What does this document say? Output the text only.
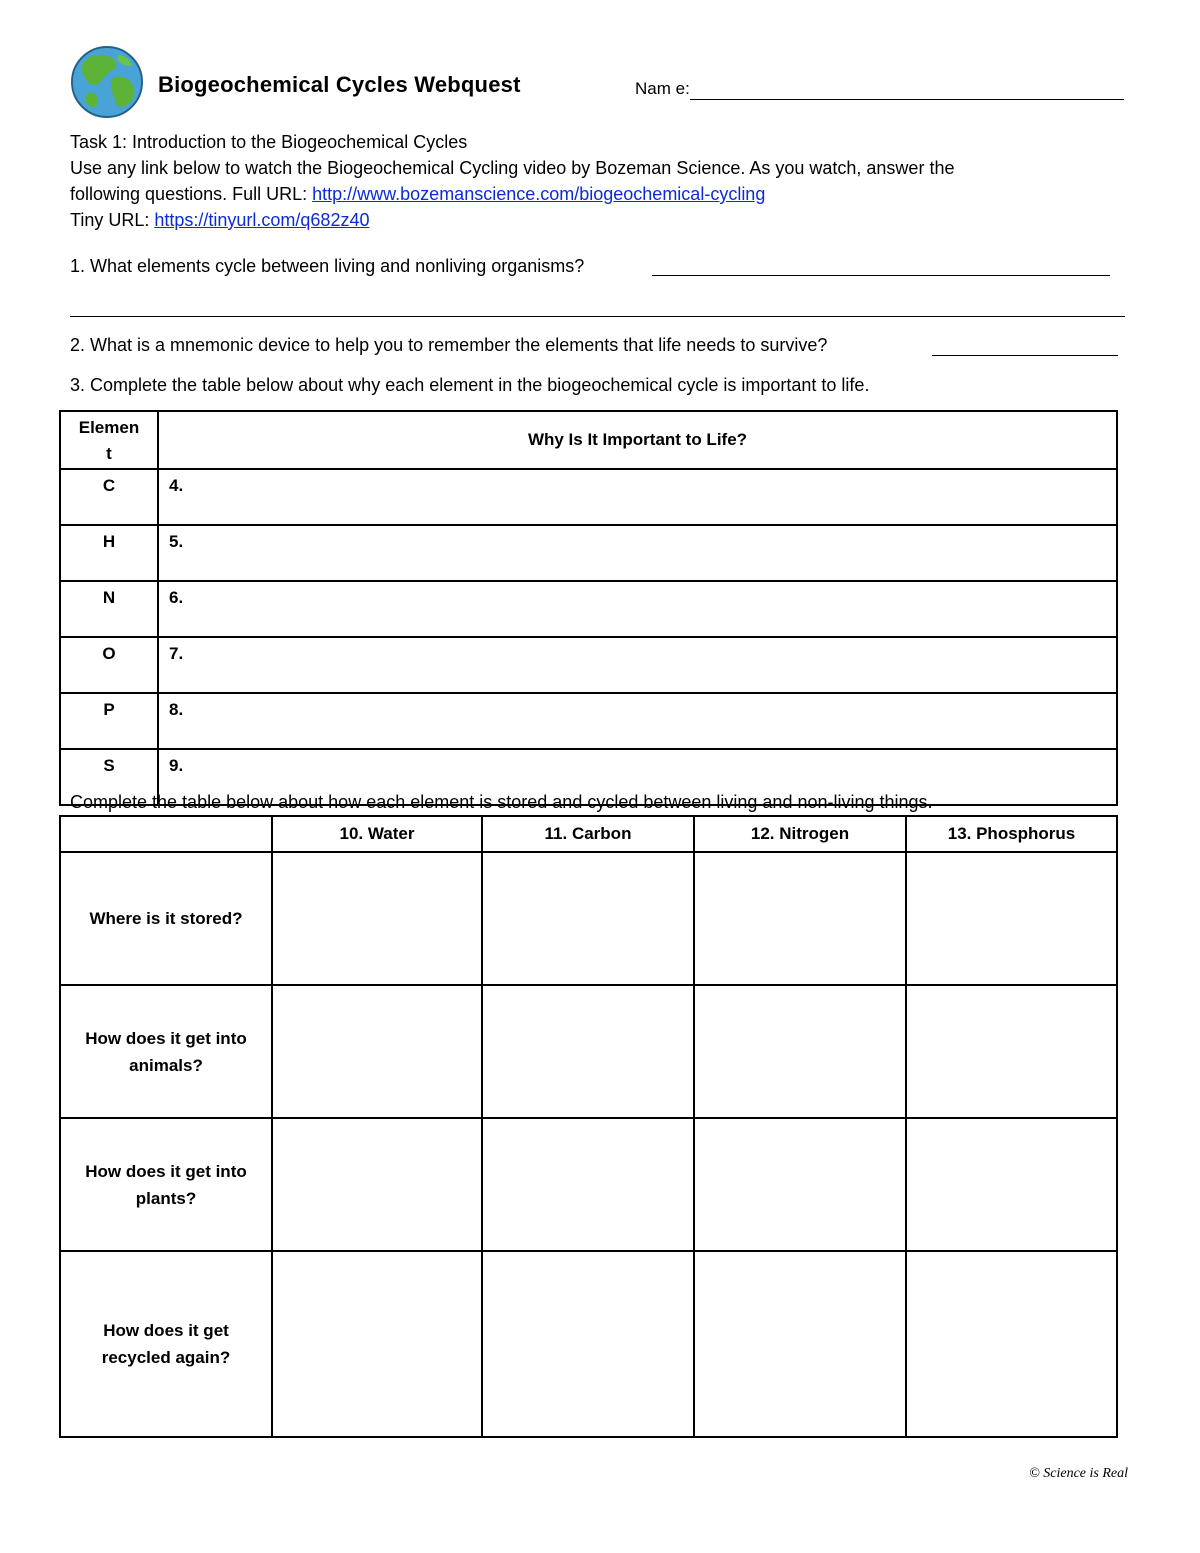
Biogeochemical Cycles Webquest	Nam e:
Task 1: Introduction to the Biogeochemical Cycles
Use any link below to watch the Biogeochemical Cycling video by Bozeman Science. As you watch, answer the
following questions. Full URL: http://www.bozemanscience.com/biogeochemical-cycling
Tiny URL: https://tinyurl.com/q682z40
1. What elements cycle between living and nonliving organisms?
2. What is a mnemonic device to help you to remember the elements that life needs to survive?
3. Complete the table below about why each element in the biogeochemical cycle is important to life.
Elemen
t	Why Is It Important to Life?
C	4.
H	5.
N	6.
O	7.
P	8.
S	9.
Complete the table below about how each element is stored and cycled between living and non-living things.
	10. Water	11. Carbon	12. Nitrogen	13. Phosphorus
Where is it stored?

How does it get into
animals?				
How does it get into
plants?				
How does it get
recycled again?				
© Science is Real
